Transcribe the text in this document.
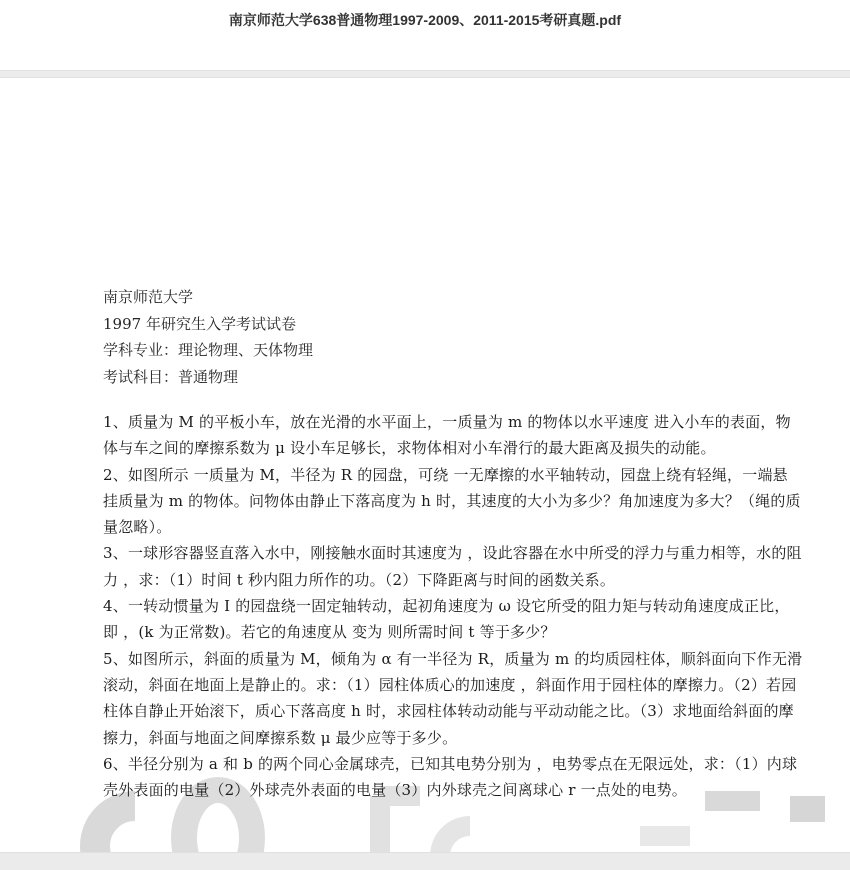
南京师范大学638普通物理1997-2009、2011-2015考研真题.pdf
南京师范大学
1997 年研究生入学考试试卷
学科专业：理论物理、天体物理
考试科目：普通物理
1、质量为 M 的平板小车，放在光滑的水平面上，一质量为 m 的物体以水平速度 进入小车的表面，物体与车之间的摩擦系数为 μ 设小车足够长，求物体相对小车滑行的最大距离及损失的动能。
2、如图所示 一质量为 M，半径为 R 的园盘，可绕 一无摩擦的水平轴转动，园盘上绕有轻绳，一端悬挂质量为 m 的物体。问物体由静止下落高度为 h 时，其速度的大小为多少？角加速度为多大？（绳的质量忽略）。
3、一球形容器竖直落入水中，刚接触水面时其速度为 ，设此容器在水中所受的浮力与重力相等，水的阻力 ，求：（1）时间 t 秒内阻力所作的功。（2）下降距离与时间的函数关系。
4、一转动惯量为 I 的园盘绕一固定轴转动，起初角速度为 ω 设它所受的阻力矩与转动角速度成正比，即 ，(k 为正常数)。若它的角速度从 变为 则所需时间 t 等于多少？
5、如图所示，斜面的质量为 M，倾角为 α 有一半径为 R，质量为 m 的均质园柱体，顺斜面向下作无滑滚动，斜面在地面上是静止的。求：（1）园柱体质心的加速度 ，斜面作用于园柱体的摩擦力。（2）若园柱体自静止开始滚下，质心下落高度 h 时，求园柱体转动动能与平动动能之比。（3）求地面给斜面的摩擦力，斜面与地面之间摩擦系数 μ 最少应等于多少。
6、半径分别为 a 和 b 的两个同心金属球壳，已知其电势分别为 ，电势零点在无限远处，求：（1）内球壳外表面的电量（2）外球壳外表面的电量（3）内外球壳之间离球心 r 一点处的电势。
